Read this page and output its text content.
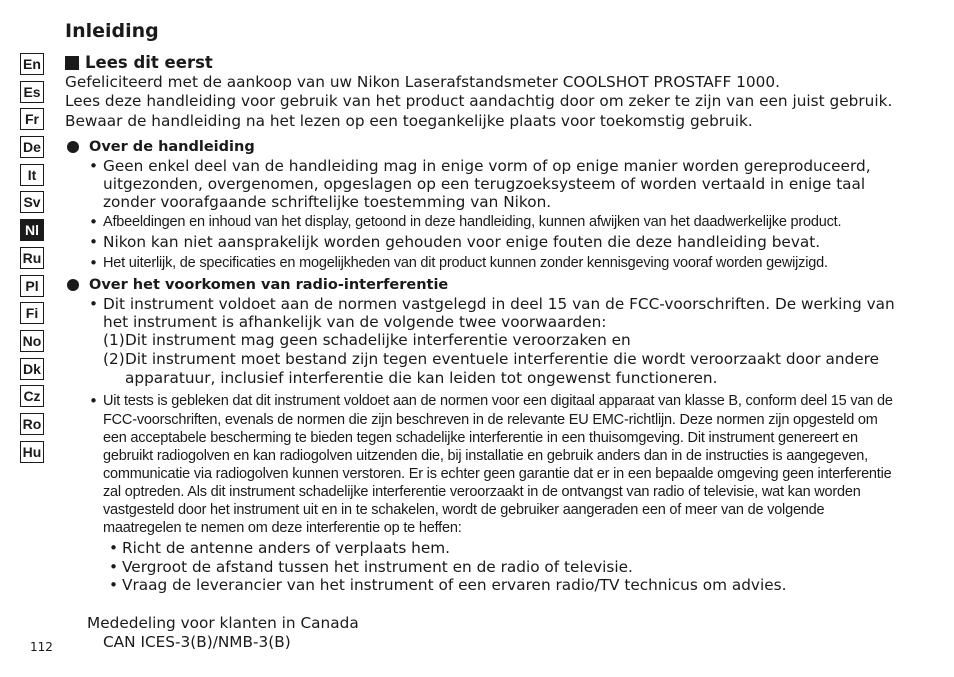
Inleiding
En
Es
Fr
De
It
Sv
Nl
Ru
Pl
Fi
No
Dk
Cz
Ro
Hu
Lees dit eerst
Gefeliciteerd met de aankoop van uw Nikon Laserafstandsmeter COOLSHOT PROSTAFF 1000.
Lees deze handleiding voor gebruik van het product aandachtig door om zeker te zijn van een juist gebruik.
Bewaar de handleiding na het lezen op een toegankelijke plaats voor toekomstig gebruik.
Over de handleiding
• Geen enkel deel van de handleiding mag in enige vorm of op enige manier worden gereproduceerd, uitgezonden, overgenomen, opgeslagen op een terugzoeksysteem of worden vertaald in enige taal zonder voorafgaande schriftelijke toestemming van Nikon.
• Afbeeldingen en inhoud van het display, getoond in deze handleiding, kunnen afwijken van het daadwerkelijke product.
• Nikon kan niet aansprakelijk worden gehouden voor enige fouten die deze handleiding bevat.
• Het uiterlijk, de specificaties en mogelijkheden van dit product kunnen zonder kennisgeving vooraf worden gewijzigd.
Over het voorkomen van radio-interferentie
• Dit instrument voldoet aan de normen vastgelegd in deel 15 van de FCC-voorschriften. De werking van het instrument is afhankelijk van de volgende twee voorwaarden:
(1) Dit instrument mag geen schadelijke interferentie veroorzaken en
(2) Dit instrument moet bestand zijn tegen eventuele interferentie die wordt veroorzaakt door andere apparatuur, inclusief interferentie die kan leiden tot ongewenst functioneren.
• Uit tests is gebleken dat dit instrument voldoet aan de normen voor een digitaal apparaat van klasse B, conform deel 15 van de FCC-voorschriften, evenals de normen die zijn beschreven in de relevante EU EMC-richtlijn. Deze normen zijn opgesteld om een acceptabele bescherming te bieden tegen schadelijke interferentie in een thuisomgeving. Dit instrument genereert en gebruikt radiogolven en kan radiogolven uitzenden die, bij installatie en gebruik anders dan in de instructies is aangegeven, communicatie via radiogolven kunnen verstoren. Er is echter geen garantie dat er in een bepaalde omgeving geen interferentie zal optreden. Als dit instrument schadelijke interferentie veroorzaakt in de ontvangst van radio of televisie, wat kan worden vastgesteld door het instrument uit en in te schakelen, wordt de gebruiker aangeraden een of meer van de volgende maatregelen te nemen om deze interferentie op te heffen:
• Richt de antenne anders of verplaats hem.
• Vergroot de afstand tussen het instrument en de radio of televisie.
• Vraag de leverancier van het instrument of een ervaren radio/TV technicus om advies.
Mededeling voor klanten in Canada
CAN ICES-3(B)/NMB-3(B)
112
